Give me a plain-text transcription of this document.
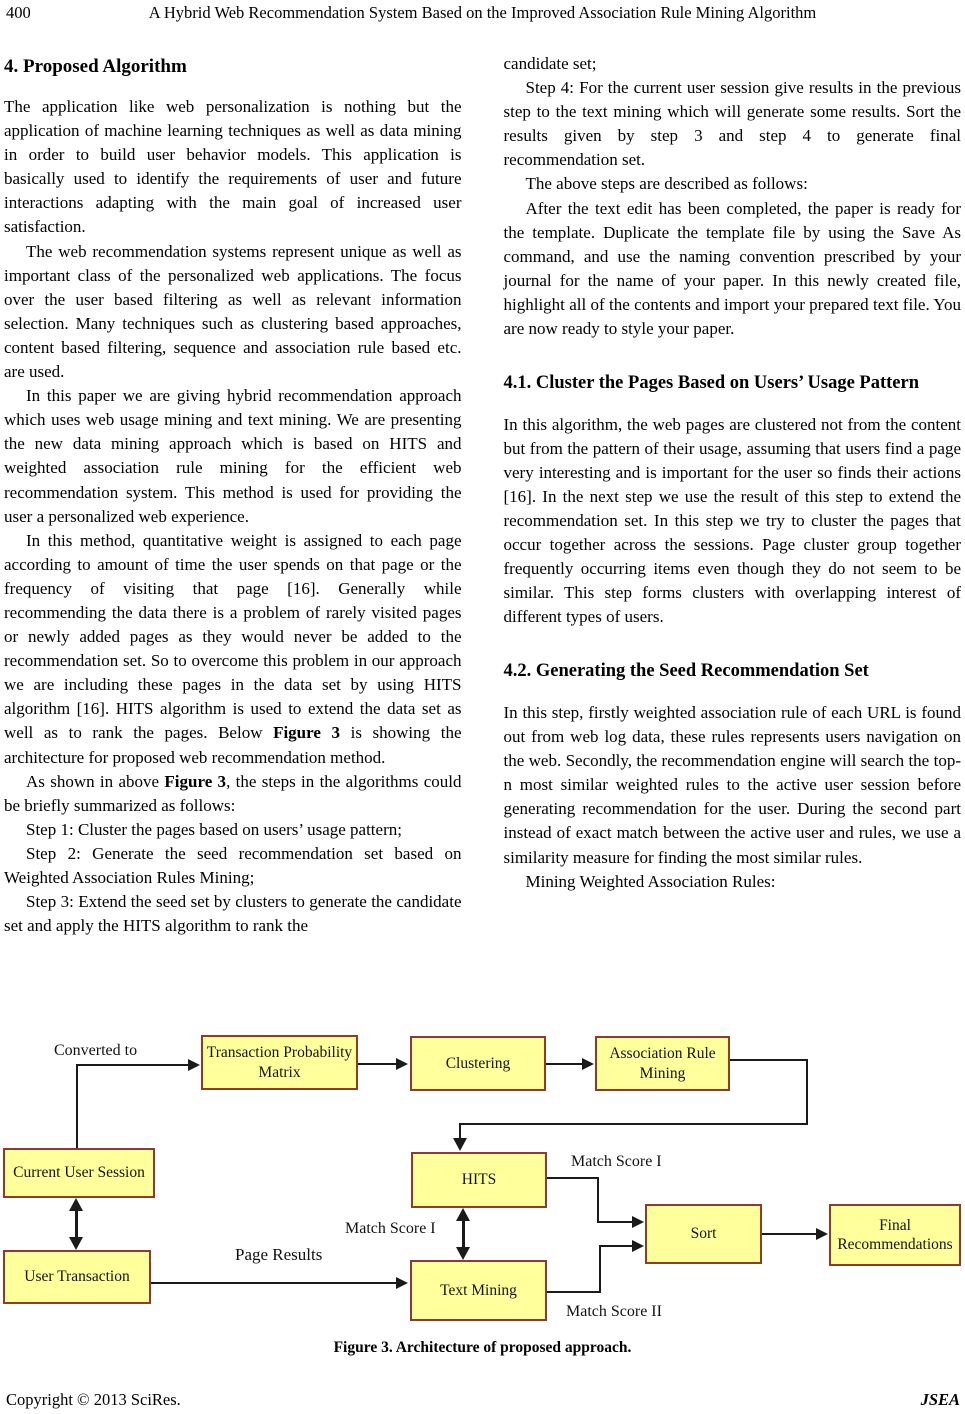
400	A Hybrid Web Recommendation System Based on the Improved Association Rule Mining Algorithm
4. Proposed Algorithm

The application like web personalization is nothing but the application of machine learning techniques as well as data mining in order to build user behavior models. This application is basically used to identify the requirements of user and future interactions adapting with the main goal of increased user satisfaction.

The web recommendation systems represent unique as well as important class of the personalized web applications. The focus over the user based filtering as well as relevant information selection. Many techniques such as clustering based approaches, content based filtering, sequence and association rule based etc. are used.

In this paper we are giving hybrid recommendation approach which uses web usage mining and text mining. We are presenting the new data mining approach which is based on HITS and weighted association rule mining for the efficient web recommendation system. This method is used for providing the user a personalized web experience.

In this method, quantitative weight is assigned to each page according to amount of time the user spends on that page or the frequency of visiting that page [16]. Generally while recommending the data there is a problem of rarely visited pages or newly added pages as they would never be added to the recommendation set. So to overcome this problem in our approach we are including these pages in the data set by using HITS algorithm [16]. HITS algorithm is used to extend the data set as well as to rank the pages. Below Figure 3 is showing the architecture for proposed web recommendation method.

As shown in above Figure 3, the steps in the algorithms could be briefly summarized as follows:

Step 1: Cluster the pages based on users’ usage pattern;

Step 2: Generate the seed recommendation set based on Weighted Association Rules Mining;

Step 3: Extend the seed set by clusters to generate the candidate set and apply the HITS algorithm to rank the

candidate set;

Step 4: For the current user session give results in the previous step to the text mining which will generate some results. Sort the results given by step 3 and step 4 to generate final recommendation set.

The above steps are described as follows:

After the text edit has been completed, the paper is ready for the template. Duplicate the template file by using the Save As command, and use the naming convention prescribed by your journal for the name of your paper. In this newly created file, highlight all of the contents and import your prepared text file. You are now ready to style your paper.

4.1. Cluster the Pages Based on Users’ Usage Pattern

In this algorithm, the web pages are clustered not from the content but from the pattern of their usage, assuming that users find a page very interesting and is important for the user so finds their actions [16]. In the next step we use the result of this step to extend the recommendation set. In this step we try to cluster the pages that occur together across the sessions. Page cluster group together frequently occurring items even though they do not seem to be similar. This step forms clusters with overlapping interest of different types of users.

4.2. Generating the Seed Recommendation Set

In this step, firstly weighted association rule of each URL is found out from web log data, these rules represents users navigation on the web. Secondly, the recommendation engine will search the top-n most similar weighted rules to the active user session before generating recommendation for the user. During the second part instead of exact match between the active user and rules, we use a similarity measure for finding the most similar rules.

Mining Weighted Association Rules:

Transaction Probability Matrix
Clustering
Association Rule Mining
Current User Session	HITS
Sort
Final Recommendations
User Transaction
Text Mining
Converted to
Match Score I
Match Score I
Page Results
Match Score II
Figure 3. Architecture of proposed approach.
Copyright © 2013 SciRes.	JSEA
